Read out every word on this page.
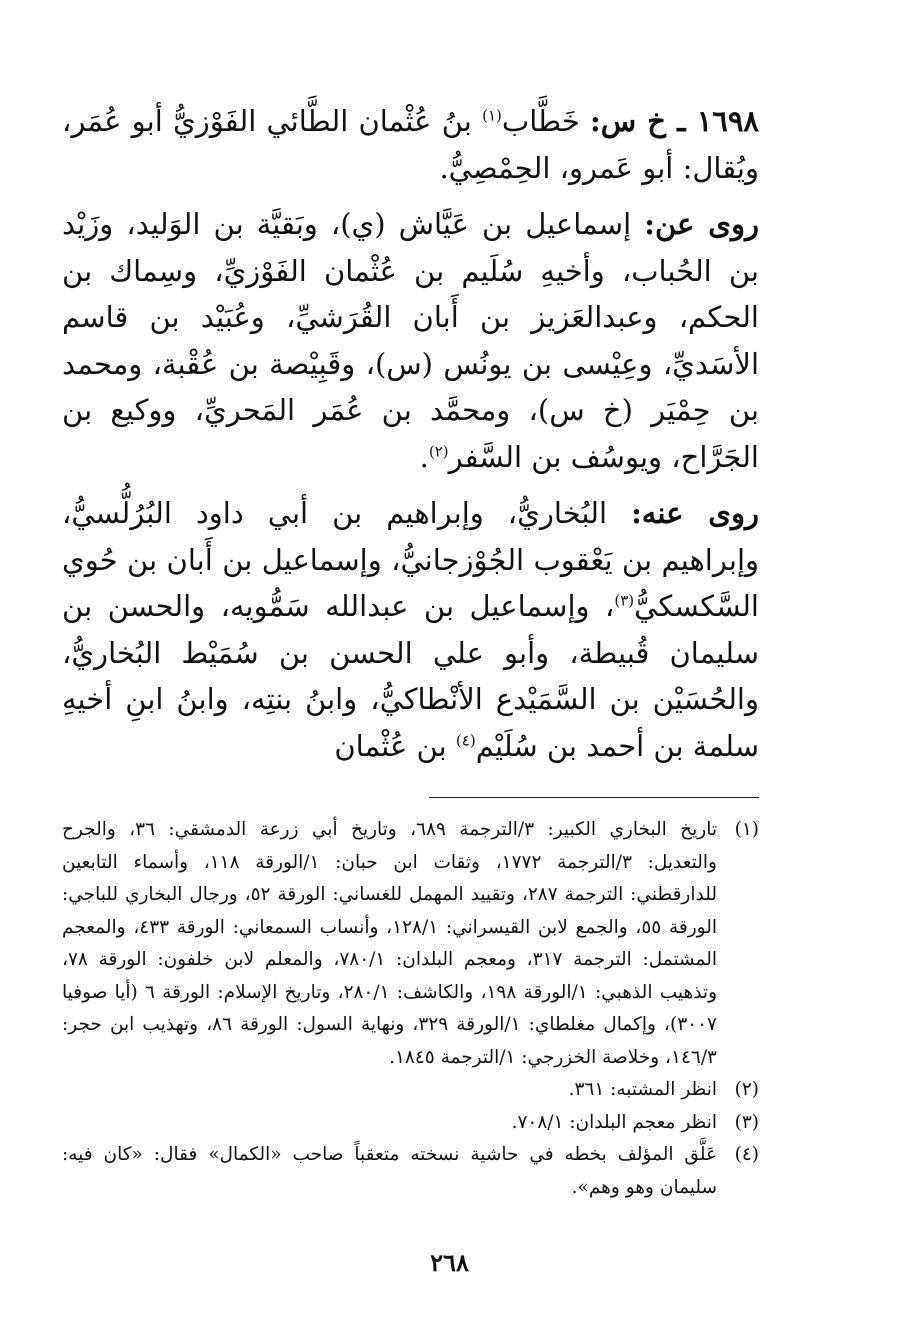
١٦٩٨ ـ خ س: خَطَّاب$^{(١)}$ بنُ عُثْمان الطَّائي الفَوْزيُّ أبو عُمَر، ويُقال: أبو عَمرو، الحِمْصِيُّ.

روى عن: إسماعيل بن عَيَّاش (ي)، وبَقيَّة بن الوَليد، وزَيْد بن الحُباب، وأخيهِ سُلَيم بن عُثْمان الفَوْزيِّ، وسِماك بن الحكم، وعبدالعَزيز بن أَبان القُرَشيِّ، وعُبَيْد بن قاسم الأسَديِّ، وعِيْسى بن يونُس (س)، وقَبِيْصة بن عُقْبة، ومحمد بن حِمْيَر (خ س)، ومحمَّد بن عُمَر المَحريِّ، ووكيع بن الجَرَّاح، ويوسُف بن السَّفر$^{(٢)}$.

روى عنه: البُخاريُّ، وإبراهيم بن أبي داود البُرُلُّسيُّ، وإبراهيم بن يَعْقوب الجُوْزجانيُّ، وإسماعيل بن أَبان بن حُوي السَّكسكيُّ$^{(٣)}$، وإسماعيل بن عبدالله سَمُّويه، والحسن بن سليمان قُبيطة، وأبو علي الحسن بن سُمَيْط البُخاريُّ، والحُسَيْن بن السَّمَيْدع الأنْطاكيُّ، وابنُ بنتِه، وابنُ ابنِ أخيهِ سلمة بن أحمد بن سُلَيْم$^{(٤)}$ بن عُثْمان

(١)
تاريخ البخاري الكبير: ٣/الترجمة ٦٨٩، وتاريخ أبي زرعة الدمشقي: ٣٦، والجرح والتعديل: ٣/الترجمة ١٧٧٢، وثقات ابن حبان: ١/الورقة ١١٨، وأسماء التابعين للدارقطني: الترجمة ٢٨٧، وتقييد المهمل للغساني: الورقة ٥٢، ورجال البخاري للباجي: الورقة ٥٥، والجمع لابن القيسراني: ١٢٨/١، وأنساب السمعاني: الورقة ٤٣٣، والمعجم المشتمل: الترجمة ٣١٧، ومعجم البلدان: ٧٨٠/١، والمعلم لابن خلفون: الورقة ٧٨، وتذهيب الذهبي: ١/الورقة ١٩٨، والكاشف: ٢٨٠/١، وتاريخ الإسلام: الورقة ٦ (أيا صوفيا ٣٠٠٧)، وإكمال مغلطاي: ١/الورقة ٣٢٩، ونهاية السول: الورقة ٨٦، وتهذيب ابن حجر: ١٤٦/٣، وخلاصة الخزرجي: ١/الترجمة ١٨٤٥.
(٢)
انظر المشتبه: ٣٦١.
(٣)
انظر معجم البلدان: ٧٠٨/١.
(٤)
عَلَّق المؤلف بخطه في حاشية نسخته متعقباً صاحب «الكمال» فقال: «كان فيه: سليمان وهو وهم».
٢٦٨
